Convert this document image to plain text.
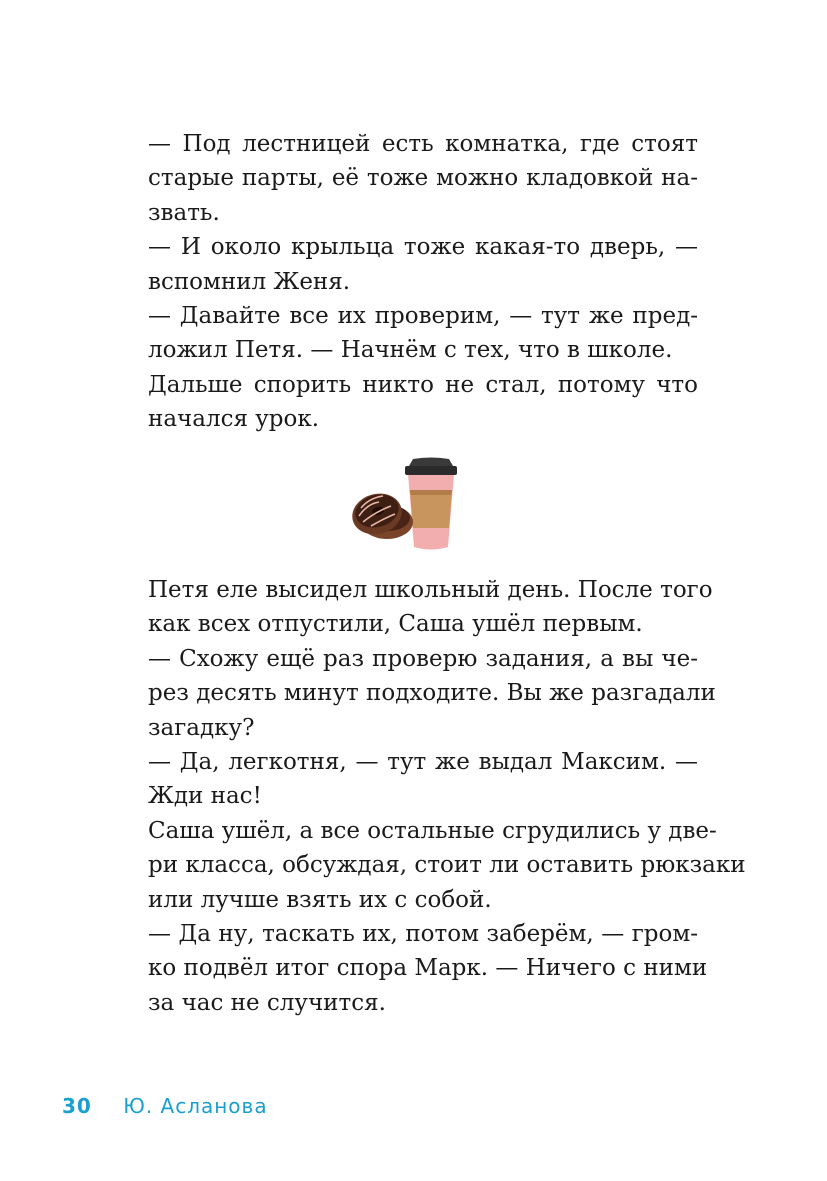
— Под лестницей есть комнатка, где стоят
старые парты, её тоже можно кладовкой на-
звать.

— И около крыльца тоже какая-то дверь, —
вспомнил Женя.

— Давайте все их проверим, — тут же пред-
ложил Петя. — Начнём с тех, что в школе.

Дальше спорить никто не стал, потому что
начался урок.

Петя еле высидел школьный день. После того
как всех отпустили, Саша ушёл первым.

— Схожу ещё раз проверю задания, а вы че-
рез десять минут подходите. Вы же разгадали
загадку?

— Да, легкотня, — тут же выдал Максим. —
Жди нас!

Саша ушёл, а все остальные сгрудились у две-
ри класса, обсуждая, стоит ли оставить рюкзаки
или лучше взять их с собой.

— Да ну, таскать их, потом заберём, — гром-
ко подвёл итог спора Марк. — Ничего с ними
за час не случится.

30 Ю. Асланова
